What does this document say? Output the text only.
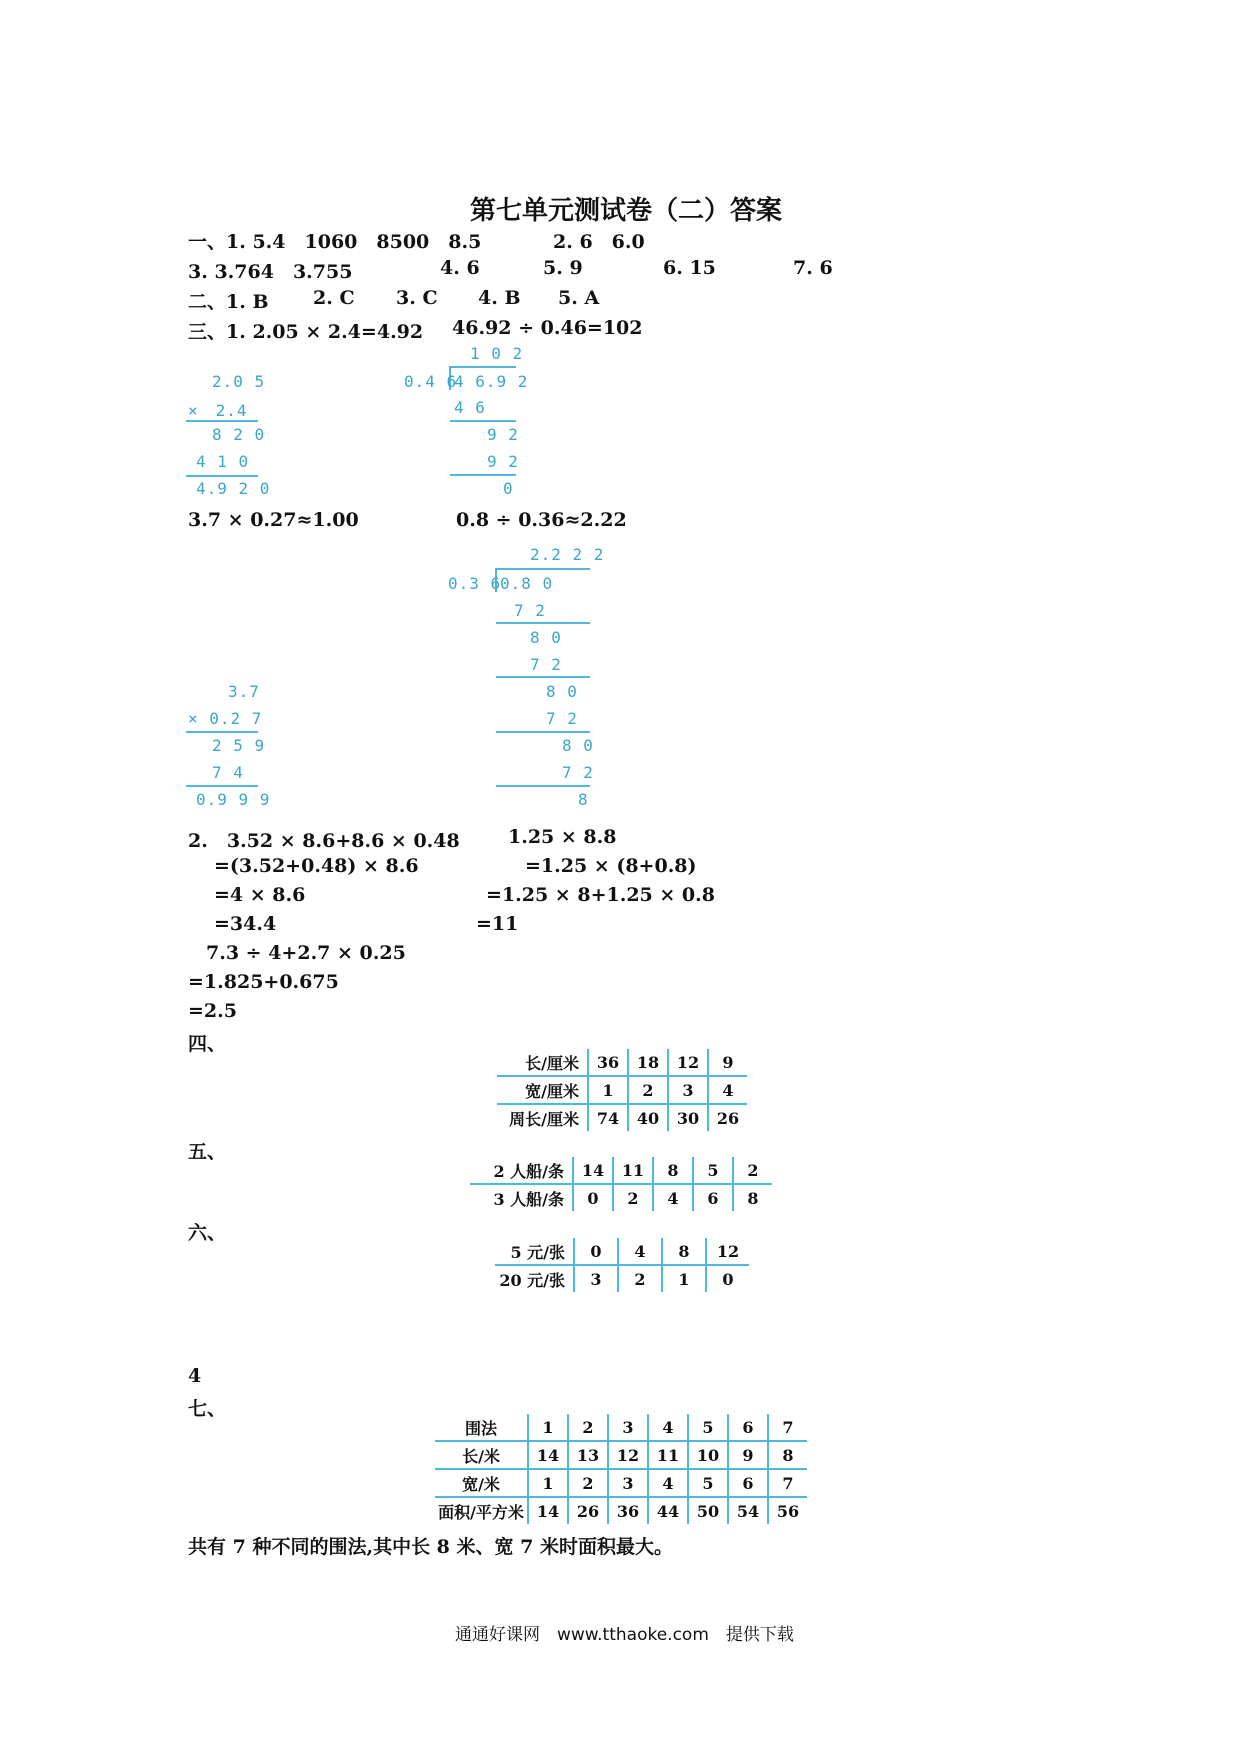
第七单元测试卷（二）答案
一、1. 5.4　1060　8500　8.5	2. 6　6.0
3. 3.764　3.755	4. 6	5. 9	6. 15	7. 6
二、1. B 2. C 3. C 4. B 5. A
三、1. 2.05 × 2.4=4.92 46.92 ÷ 0.46=102
2.0 5
×　2.4
8 2 0
4 1 0
4.9 2 0
1 0 2
0.4 6
4 6.9 2
4 6
9 2
9 2
0
3.7 × 0.27≈1.00	0.8 ÷ 0.36≈2.22
2.2 2 2
0.3 6
0.8 0
7 2
8 0
7 2
8 0
7 2
8 0
7 2
8
3.7
× 0.2 7
2 5 9
7 4
0.9 9 9
2.　3.52 × 8.6+8.6 × 0.48
=(3.52+0.48) × 8.6
=4 × 8.6
=34.4
1.25 × 8.8
=1.25 × (8+0.8)
=1.25 × 8+1.25 × 0.8
=11
7.3 ÷ 4+2.7 × 0.25
=1.825+0.675
=2.5
四、
长/厘米	36	18	12	9
宽/厘米	1	2	3	4
周长/厘米	74	40	30	26
五、
2 人船/条	14	11	8	5	2
3 人船/条	0	2	4	6	8
六、
5 元/张	0	4	8	12
20 元/张	3	2	1	0
4
七、
围法	1	2	3	4	5	6	7
长/米	14	13	12	11	10	9	8
宽/米	1	2	3	4	5	6	7
面积/平方米	14	26	36	44	50	54	56
共有 7 种不同的围法,其中长 8 米、宽 7 米时面积最大。
通通好课网　www.tthaoke.com　提供下载
